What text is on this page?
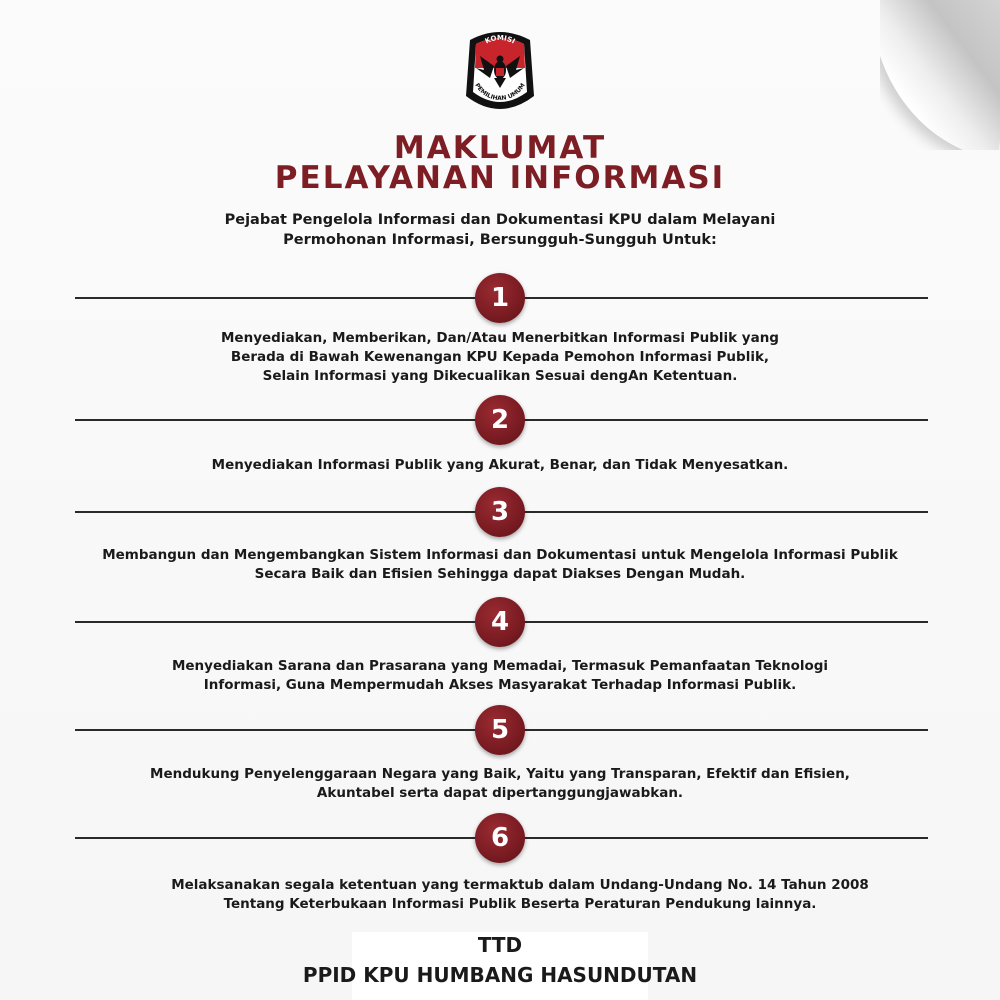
KOMISI
PEMILIHAN UMUM
MAKLUMAT
PELAYANAN INFORMASI
Pejabat Pengelola Informasi dan Dokumentasi KPU dalam Melayani
Permohonan Informasi, Bersungguh-Sungguh Untuk:
1
Menyediakan, Memberikan, Dan/Atau Menerbitkan Informasi Publik yang
Berada di Bawah Kewenangan KPU Kepada Pemohon Informasi Publik,
Selain Informasi yang Dikecualikan Sesuai dengAn Ketentuan.
2
Menyediakan Informasi Publik yang Akurat, Benar, dan Tidak Menyesatkan.
3
Membangun dan Mengembangkan Sistem Informasi dan Dokumentasi untuk Mengelola Informasi Publik
Secara Baik dan Efisien Sehingga dapat Diakses Dengan Mudah.
4
Menyediakan Sarana dan Prasarana yang Memadai, Termasuk Pemanfaatan Teknologi
Informasi, Guna Mempermudah Akses Masyarakat Terhadap Informasi Publik.
5
Mendukung Penyelenggaraan Negara yang Baik, Yaitu yang Transparan, Efektif dan Efisien,
Akuntabel serta dapat dipertanggungjawabkan.
6
Melaksanakan segala ketentuan yang termaktub dalam Undang-Undang No. 14 Tahun 2008
Tentang Keterbukaan Informasi Publik Beserta Peraturan Pendukung lainnya.
TTD
PPID KPU HUMBANG HASUNDUTAN
